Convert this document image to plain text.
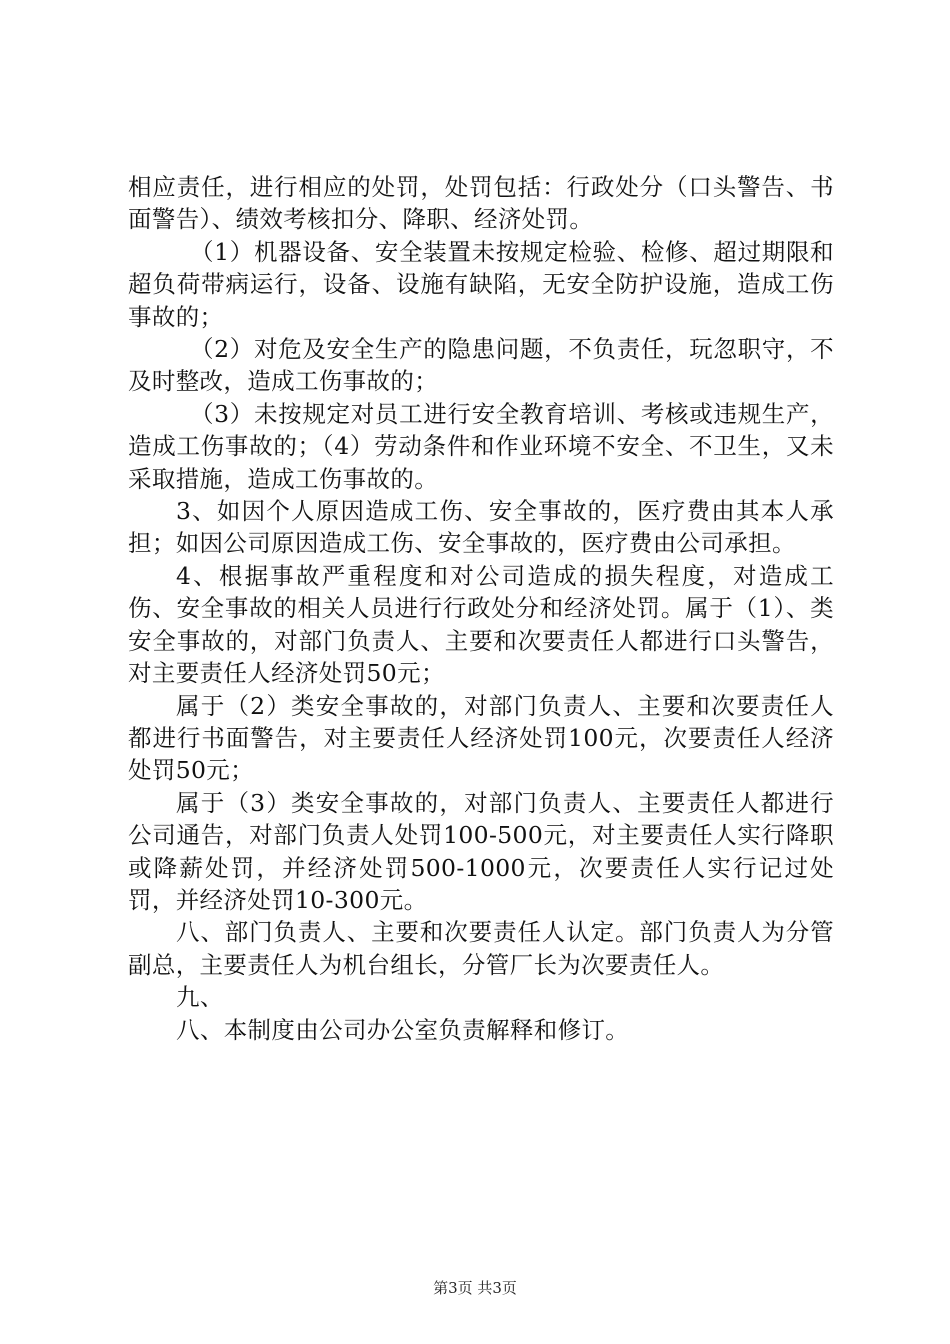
相应责任，进行相应的处罚，处罚包括：行政处分（口头警告、书面警告）、绩效考核扣分、降职、经济处罚。

（1）机器设备、安全装置未按规定检验、检修、超过期限和超负荷带病运行，设备、设施有缺陷，无安全防护设施，造成工伤事故的；

（2）对危及安全生产的隐患问题，不负责任，玩忽职守，不及时整改，造成工伤事故的；

（3）未按规定对员工进行安全教育培训、考核或违规生产，造成工伤事故的；（4）劳动条件和作业环境不安全、不卫生，又未采取措施，造成工伤事故的。

3、如因个人原因造成工伤、安全事故的，医疗费由其本人承担；如因公司原因造成工伤、安全事故的，医疗费由公司承担。

4、根据事故严重程度和对公司造成的损失程度，对造成工伤、安全事故的相关人员进行行政处分和经济处罚。属于（1）、类安全事故的，对部门负责人、主要和次要责任人都进行口头警告，对主要责任人经济处罚50元；

属于（2）类安全事故的，对部门负责人、主要和次要责任人都进行书面警告，对主要责任人经济处罚100元，次要责任人经济处罚50元；

属于（3）类安全事故的，对部门负责人、主要责任人都进行公司通告，对部门负责人处罚100-500元，对主要责任人实行降职或降薪处罚，并经济处罚500-1000元，次要责任人实行记过处罚，并经济处罚10-300元。

八、部门负责人、主要和次要责任人认定。部门负责人为分管副总，主要责任人为机台组长，分管厂长为次要责任人。

九、

八、本制度由公司办公室负责解释和修订。

第3页 共3页
